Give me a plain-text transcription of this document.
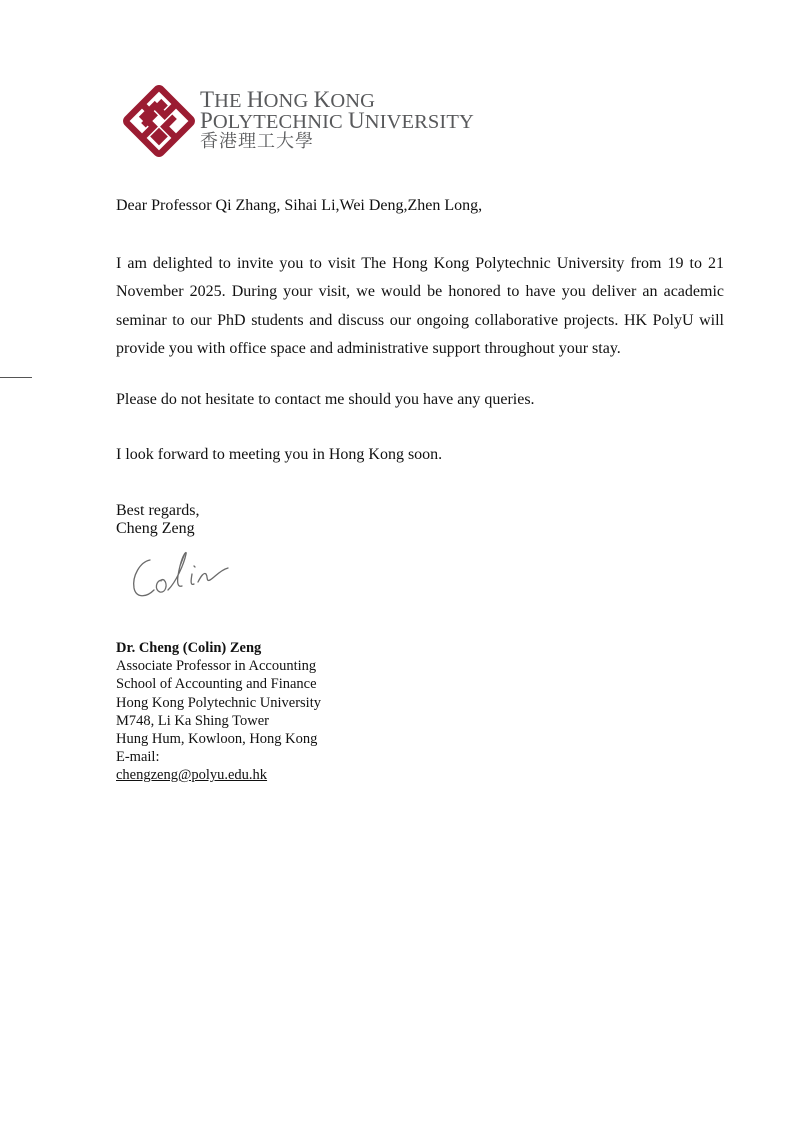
THE HONG KONG
POLYTECHNIC UNIVERSITY
香港理工大學

Dear Professor Qi Zhang, Sihai Li,Wei Deng,Zhen Long,

I am delighted to invite you to visit The Hong Kong Polytechnic University from 19 to 21 November 2025. During your visit, we would be honored to have you deliver an academic seminar to our PhD students and discuss our ongoing collaborative projects. HK PolyU will provide you with office space and administrative support throughout your stay.

Please do not hesitate to contact me should you have any queries.

I look forward to meeting you in Hong Kong soon.

Best regards,
Cheng Zeng

Dr. Cheng (Colin) Zeng
Associate Professor in Accounting
School of Accounting and Finance
Hong Kong Polytechnic University
M748, Li Ka Shing Tower
Hung Hum, Kowloon, Hong Kong
E-mail:
chengzeng@polyu.edu.hk
